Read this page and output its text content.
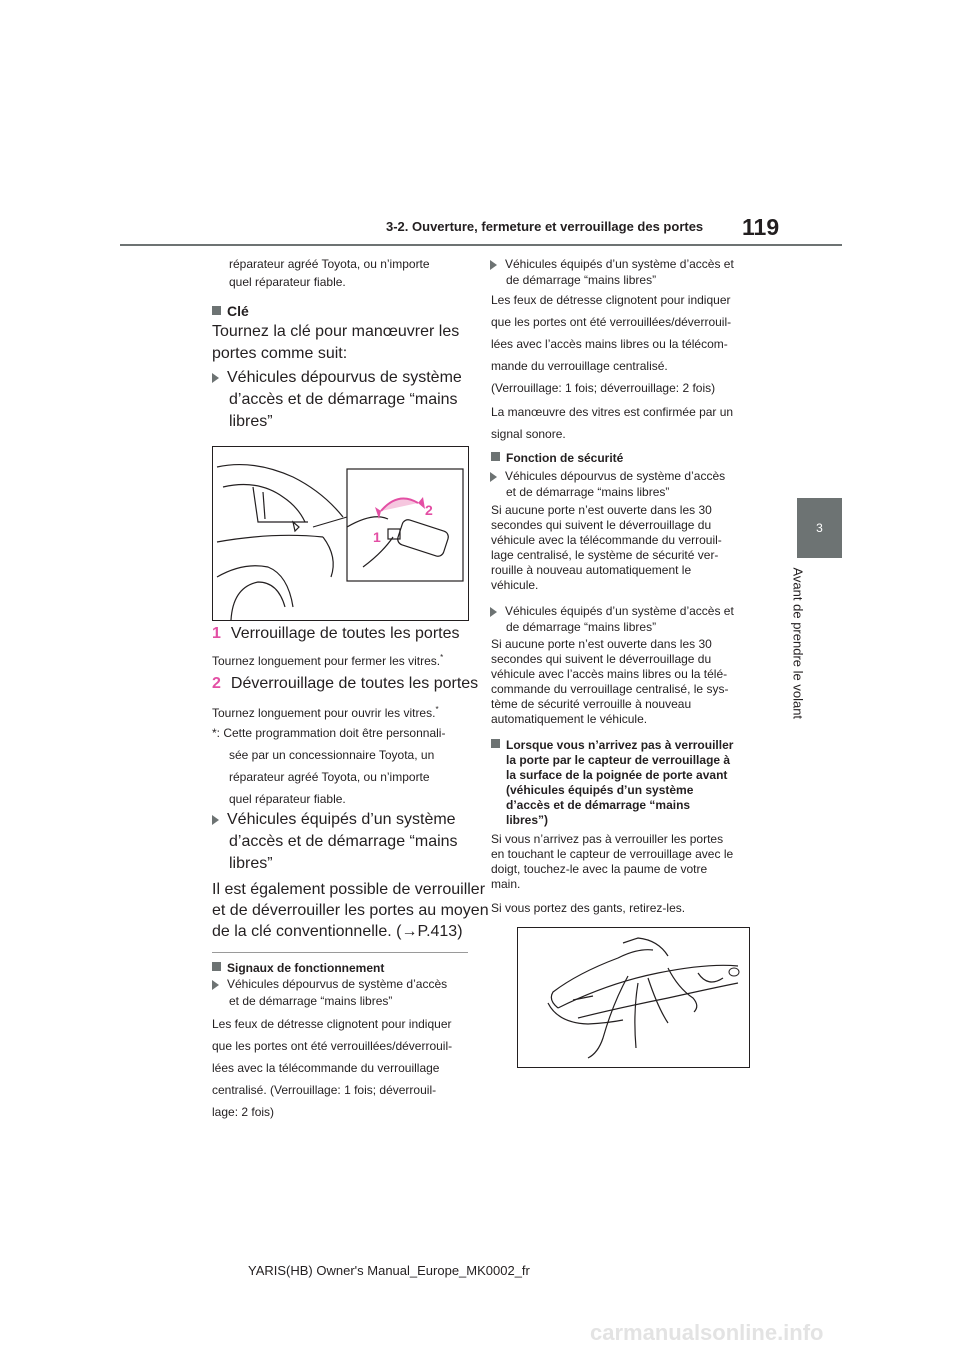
3-2. Ouverture, fermeture et verrouillage des portes 119
3
Avant de prendre le volant
réparateur agréé Toyota, ou n’importe
quel réparateur fiable.
Clé
Tournez la clé pour manœuvrer les
portes comme suit:
Véhicules dépourvus de système
d’accès et de démarrage “mains
libres”
2
1
1 Verrouillage de toutes les portes
Tournez longuement pour fermer les vitres.*
2 Déverrouillage de toutes les portes
Tournez longuement pour ouvrir les vitres.*
*: Cette programmation doit être personnali-
sée par un concessionnaire Toyota, un
réparateur agréé Toyota, ou n’importe
quel réparateur fiable.
Véhicules équipés d’un système
d’accès et de démarrage “mains
libres”
Il est également possible de verrouiller
et de déverrouiller les portes au moyen
de la clé conventionnelle. (→P.413)
Signaux de fonctionnement
Véhicules dépourvus de système d’accès
et de démarrage “mains libres”
Les feux de détresse clignotent pour indiquer
que les portes ont été verrouillées/déverrouil-
lées avec la télécommande du verrouillage
centralisé. (Verrouillage: 1 fois; déverrouil-
lage: 2 fois)
Véhicules équipés d’un système d’accès et
de démarrage “mains libres”
Les feux de détresse clignotent pour indiquer
que les portes ont été verrouillées/déverrouil-
lées avec l’accès mains libres ou la télécom-
mande du verrouillage centralisé.
(Verrouillage: 1 fois; déverrouillage: 2 fois)
La manœuvre des vitres est confirmée par un
signal sonore.
Fonction de sécurité
Véhicules dépourvus de système d’accès
et de démarrage “mains libres”
Si aucune porte n’est ouverte dans les 30
secondes qui suivent le déverrouillage du
véhicule avec la télécommande du verrouil-
lage centralisé, le système de sécurité ver-
rouille à nouveau automatiquement le
véhicule.
Véhicules équipés d’un système d’accès et
de démarrage “mains libres”
Si aucune porte n’est ouverte dans les 30
secondes qui suivent le déverrouillage du
véhicule avec l’accès mains libres ou la télé-
commande du verrouillage centralisé, le sys-
tème de sécurité verrouille à nouveau
automatiquement le véhicule.
Lorsque vous n’arrivez pas à verrouiller
la porte par le capteur de verrouillage à
la surface de la poignée de porte avant
(véhicules équipés d’un système
d’accès et de démarrage “mains
libres”)
Si vous n’arrivez pas à verrouiller les portes
en touchant le capteur de verrouillage avec le
doigt, touchez-le avec la paume de votre
main.
Si vous portez des gants, retirez-les.
YARIS(HB) Owner's Manual_Europe_MK0002_fr
carmanualsonline.info
